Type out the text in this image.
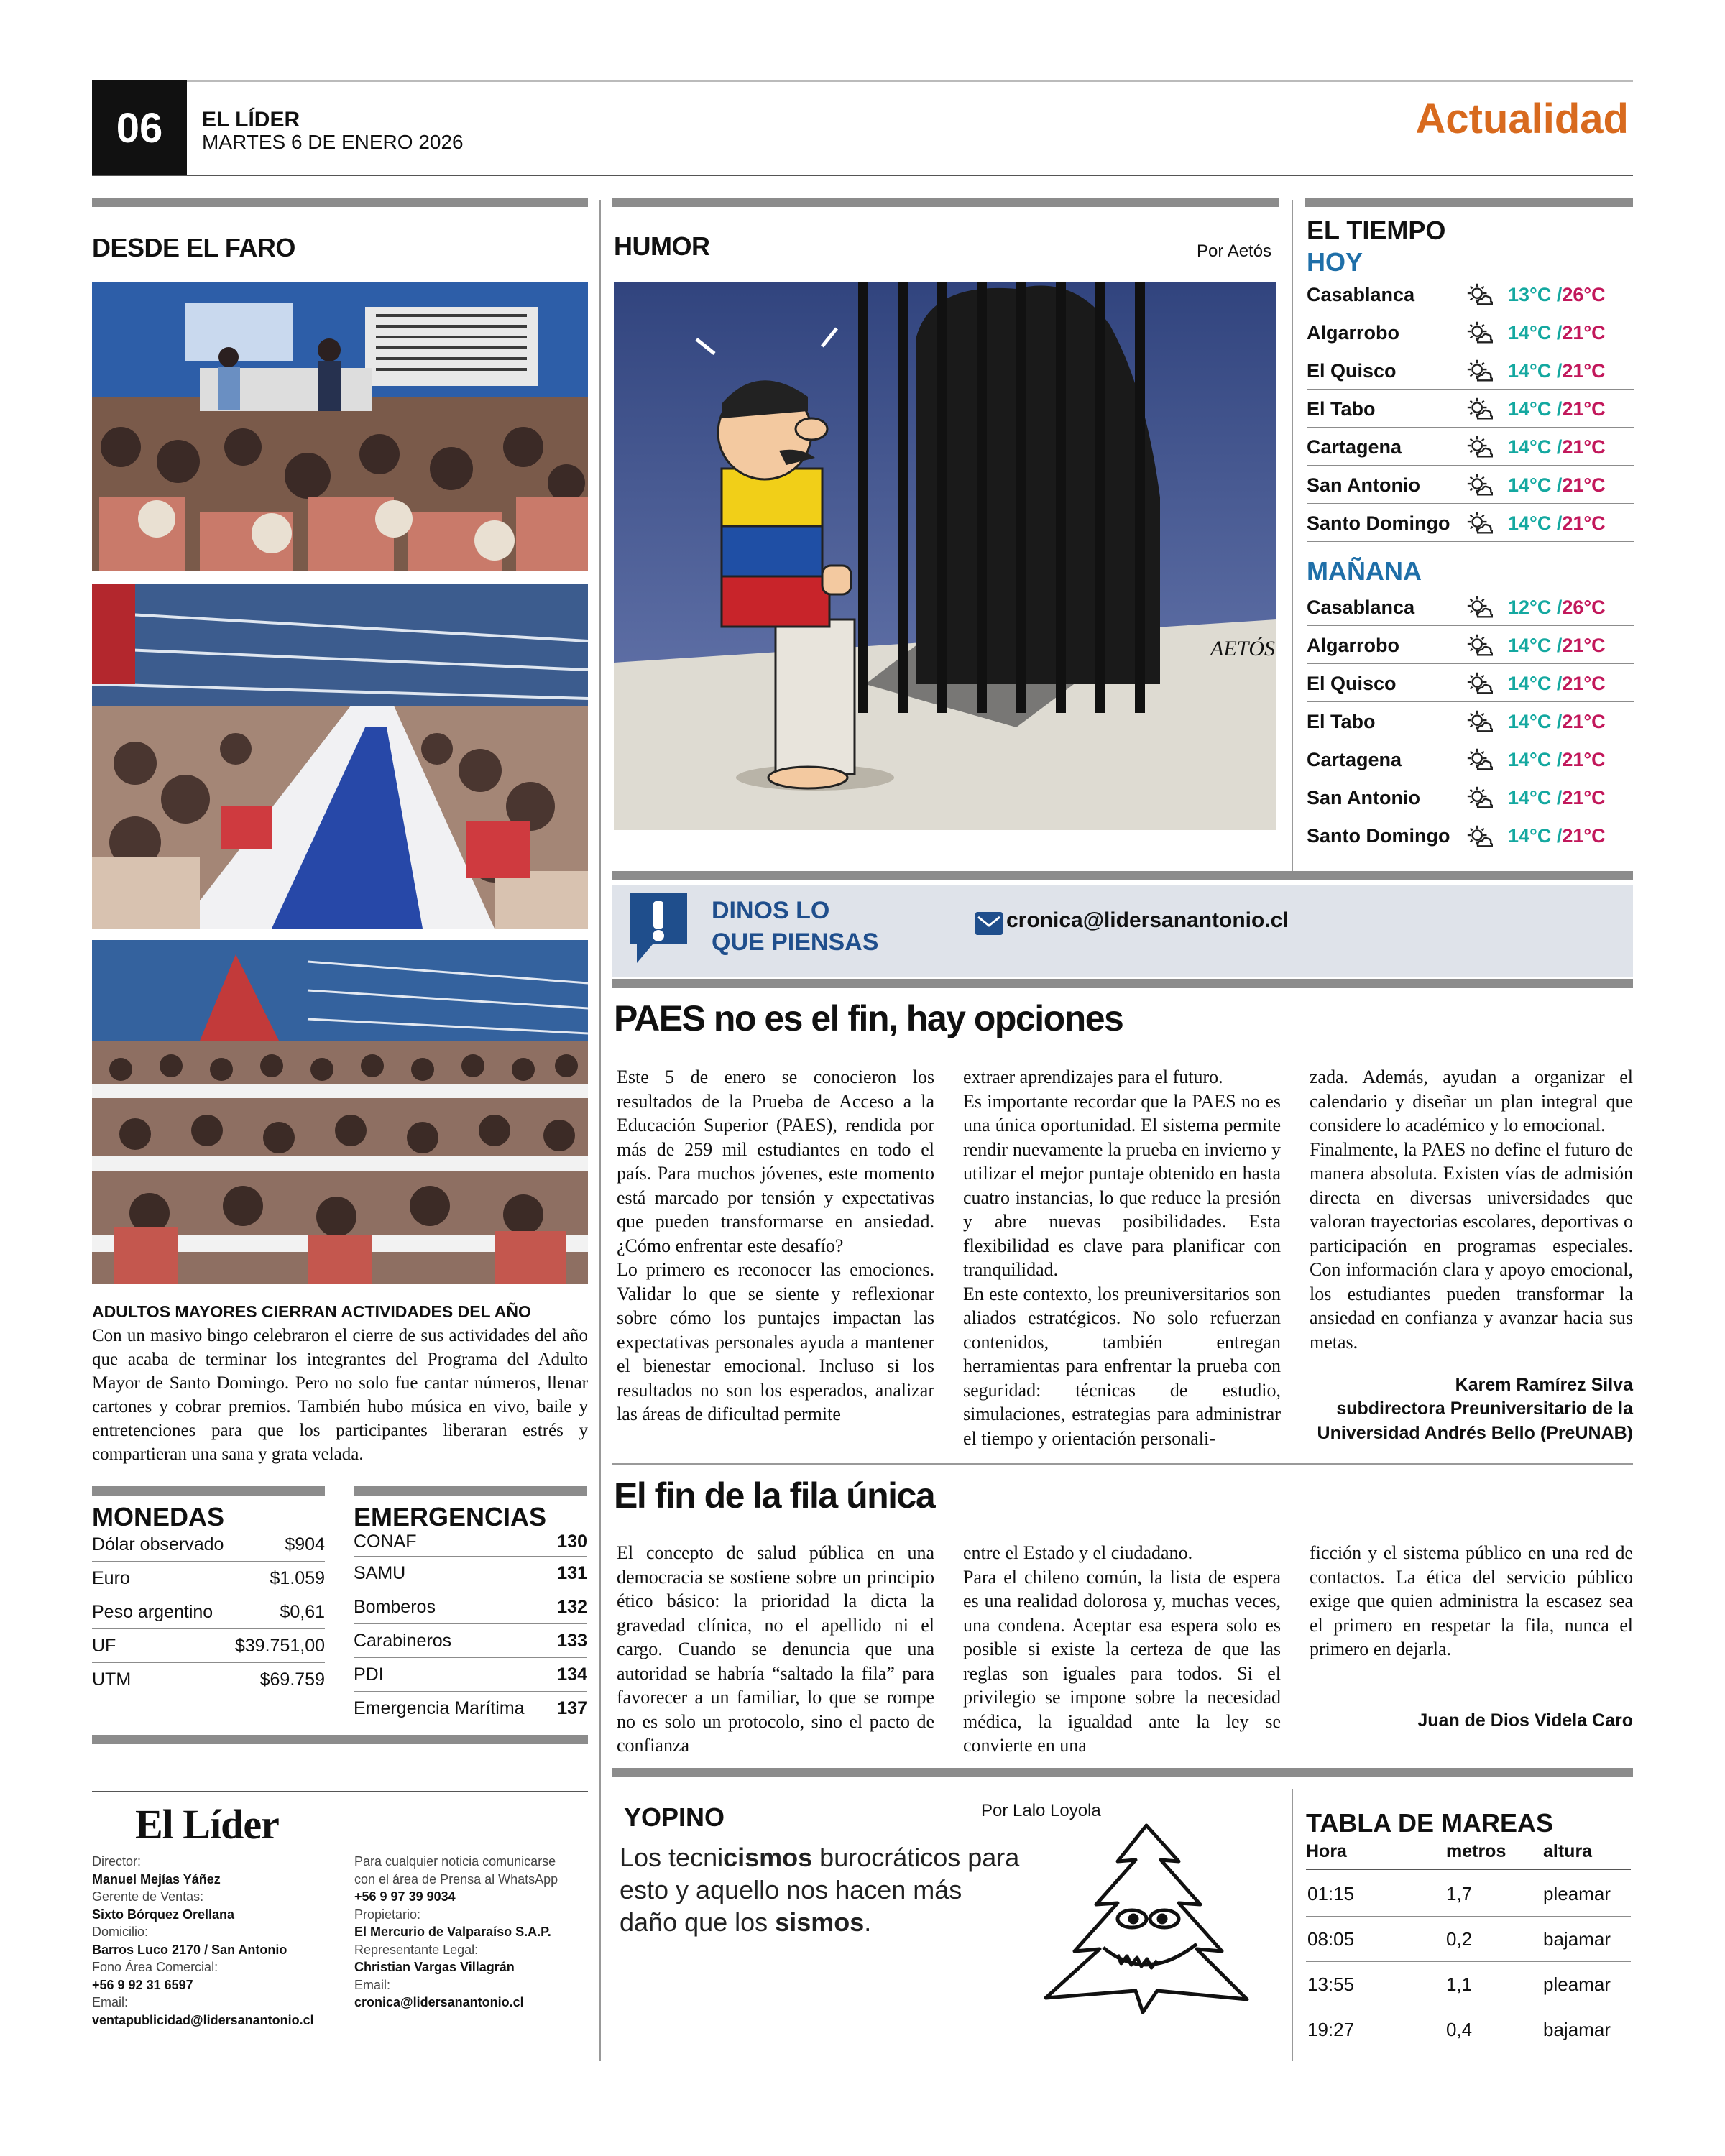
06	EL LÍDER
MARTES 6 DE ENERO 2026	Actualidad
DESDE EL FARO
ADULTOS MAYORES CIERRAN ACTIVIDADES DEL AÑO
Con un masivo bingo celebraron el cierre de sus actividades del año que acaba de terminar los integrantes del Programa del Adulto Mayor de Santo Domingo. Pero no solo fue cantar números, llenar cartones y cobrar premios. También hubo música en vivo, baile y entretenciones para que los participantes liberaran estrés y compartieran una sana y grata velada.
MONEDAS
Dólar observado	$904
Euro	$1.059
Peso argentino	$0,61
UF	$39.751,00
UTM	$69.759
EMERGENCIAS
CONAF	130
SAMU	131
Bomberos	132
Carabineros	133
PDI	134
Emergencia Marítima 137
El Líder
Director:
Manuel Mejías Yáñez
Gerente de Ventas:
Sixto Bórquez Orellana
Domicilio:
Barros Luco 2170 / San Antonio
Fono Área Comercial:
+56 9 92 31 6597
Email:
ventapublicidad@lidersanantonio.cl
Para cualquier noticia comunicarse
con el área de Prensa al WhatsApp
+56 9 97 39 9034
Propietario:
El Mercurio de Valparaíso S.A.P.
Representante Legal:
Christian Vargas Villagrán
Email:
cronica@lidersanantonio.cl
HUMOR	Por Aetós
AETÓS
EL TIEMPO
HOY
Casablanca	13°C /26°C
Algarrobo	14°C /21°C
El Quisco	14°C /21°C
El Tabo	14°C /21°C
Cartagena	14°C /21°C
San Antonio	14°C /21°C
Santo Domingo	14°C /21°C
MAÑANA
Casablanca	12°C /26°C
Algarrobo	14°C /21°C
El Quisco	14°C /21°C
El Tabo	14°C /21°C
Cartagena	14°C /21°C
San Antonio	14°C /21°C
Santo Domingo	14°C /21°C
DINOS LO
QUE PIENSAS
cronica@lidersanantonio.cl
PAES no es el fin, hay opciones

Este 5 de enero se conocieron los resultados de la Prueba de Acceso a la Educación Superior (PAES), rendida por más de 259 mil estudiantes en todo el país. Para muchos jóvenes, este momento está marcado por tensión y expectativas que pueden transformarse en ansiedad. ¿Cómo enfrentar este desafío?

Lo primero es reconocer las emociones. Validar lo que se siente y reflexionar sobre cómo los puntajes impactan las expectativas personales ayuda a mantener el bienestar emocional. Incluso si los resultados no son los esperados, analizar las áreas de dificultad permite

extraer aprendizajes para el futuro.

Es importante recordar que la PAES no es una única oportunidad. El sistema permite rendir nuevamente la prueba en invierno y utilizar el mejor puntaje obtenido en hasta cuatro instancias, lo que reduce la presión y abre nuevas posibilidades. Esta flexibilidad es clave para planificar con tranquilidad.

En este contexto, los preuniversitarios son aliados estratégicos. No solo refuerzan contenidos, también entregan herramientas para enfrentar la prueba con seguridad: técnicas de estudio, simulaciones, estrategias para administrar el tiempo y orientación personali-

zada. Además, ayudan a organizar el calendario y diseñar un plan integral que considere lo académico y lo emocional.

Finalmente, la PAES no define el futuro de manera absoluta. Existen vías de admisión directa en diversas universidades que valoran trayectorias escolares, deportivas o participación en programas especiales. Con información clara y apoyo emocional, los estudiantes pueden transformar la ansiedad en confianza y avanzar hacia sus metas.

Karem Ramírez Silva
subdirectora Preuniversitario de la
Universidad Andrés Bello (PreUNAB)
El fin de la fila única

El concepto de salud pública en una democracia se sostiene sobre un principio ético básico: la prioridad la dicta la gravedad clínica, no el apellido ni el cargo. Cuando se denuncia que una autoridad se habría “saltado la fila” para favorecer a un familiar, lo que se rompe no es solo un protocolo, sino el pacto de confianza

entre el Estado y el ciudadano.

Para el chileno común, la lista de espera es una realidad dolorosa y, muchas veces, una condena. Aceptar esa espera solo es posible si existe la certeza de que las reglas son iguales para todos. Si el privilegio se impone sobre la necesidad médica, la igualdad ante la ley se convierte en una

ficción y el sistema público en una red de contactos. La ética del servicio público exige que quien administra la escasez sea el primero en respetar la fila, nunca el primero en dejarla.

Juan de Dios Videla Caro
YOPINO	Por Lalo Loyola
Los tecnicismos burocráticos para esto y aquello nos hacen más daño que los sismos.
TABLA DE MAREAS
Hora	metros	altura
01:15	1,7	pleamar
08:05	0,2	bajamar
13:55	1,1	pleamar
19:27	0,4	bajamar
